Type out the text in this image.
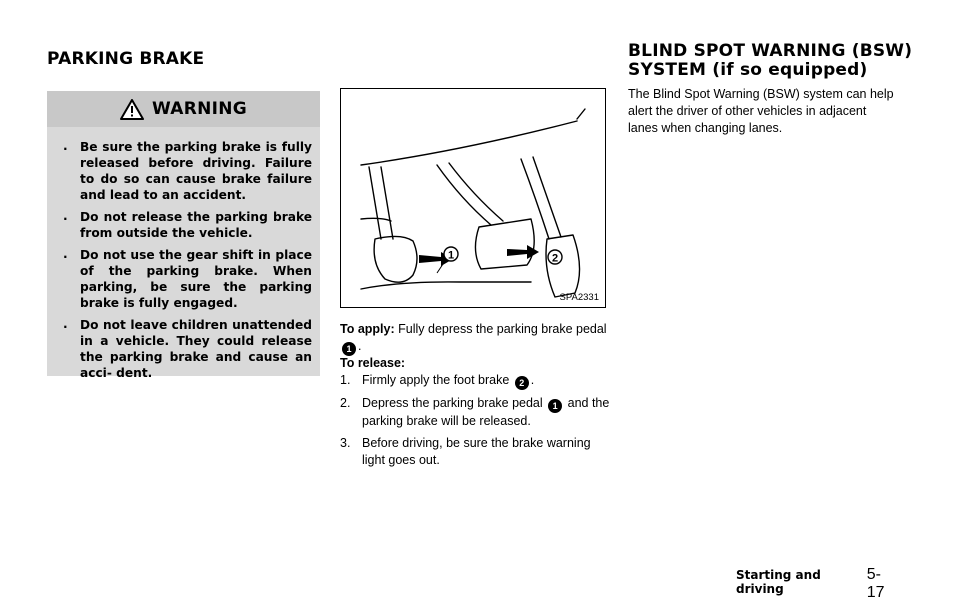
PARKING BRAKE
WARNING
. Be sure the parking brake is fully released before driving. Failure to do so can cause brake failure and lead to an accident.
. Do not release the parking brake from outside the vehicle.
. Do not use the gear shift in place of the parking brake. When parking, be sure the parking brake is fully engaged.
. Do not leave children unattended in a vehicle. They could release the parking brake and cause an acci- dent.
1	2
SPA2331
To apply: Fully depress the parking brake pedal 1 .
To release:
1. Firmly apply the foot brake 2 .
2. Depress the parking brake pedal 1 and the parking brake will be released.
3. Before driving, be sure the brake warning light goes out.
BLIND SPOT WARNING (BSW)
SYSTEM (if so equipped)
The Blind Spot Warning (BSW) system can help alert the driver of other vehicles in adjacent lanes when changing lanes.
Starting and driving
5-17
